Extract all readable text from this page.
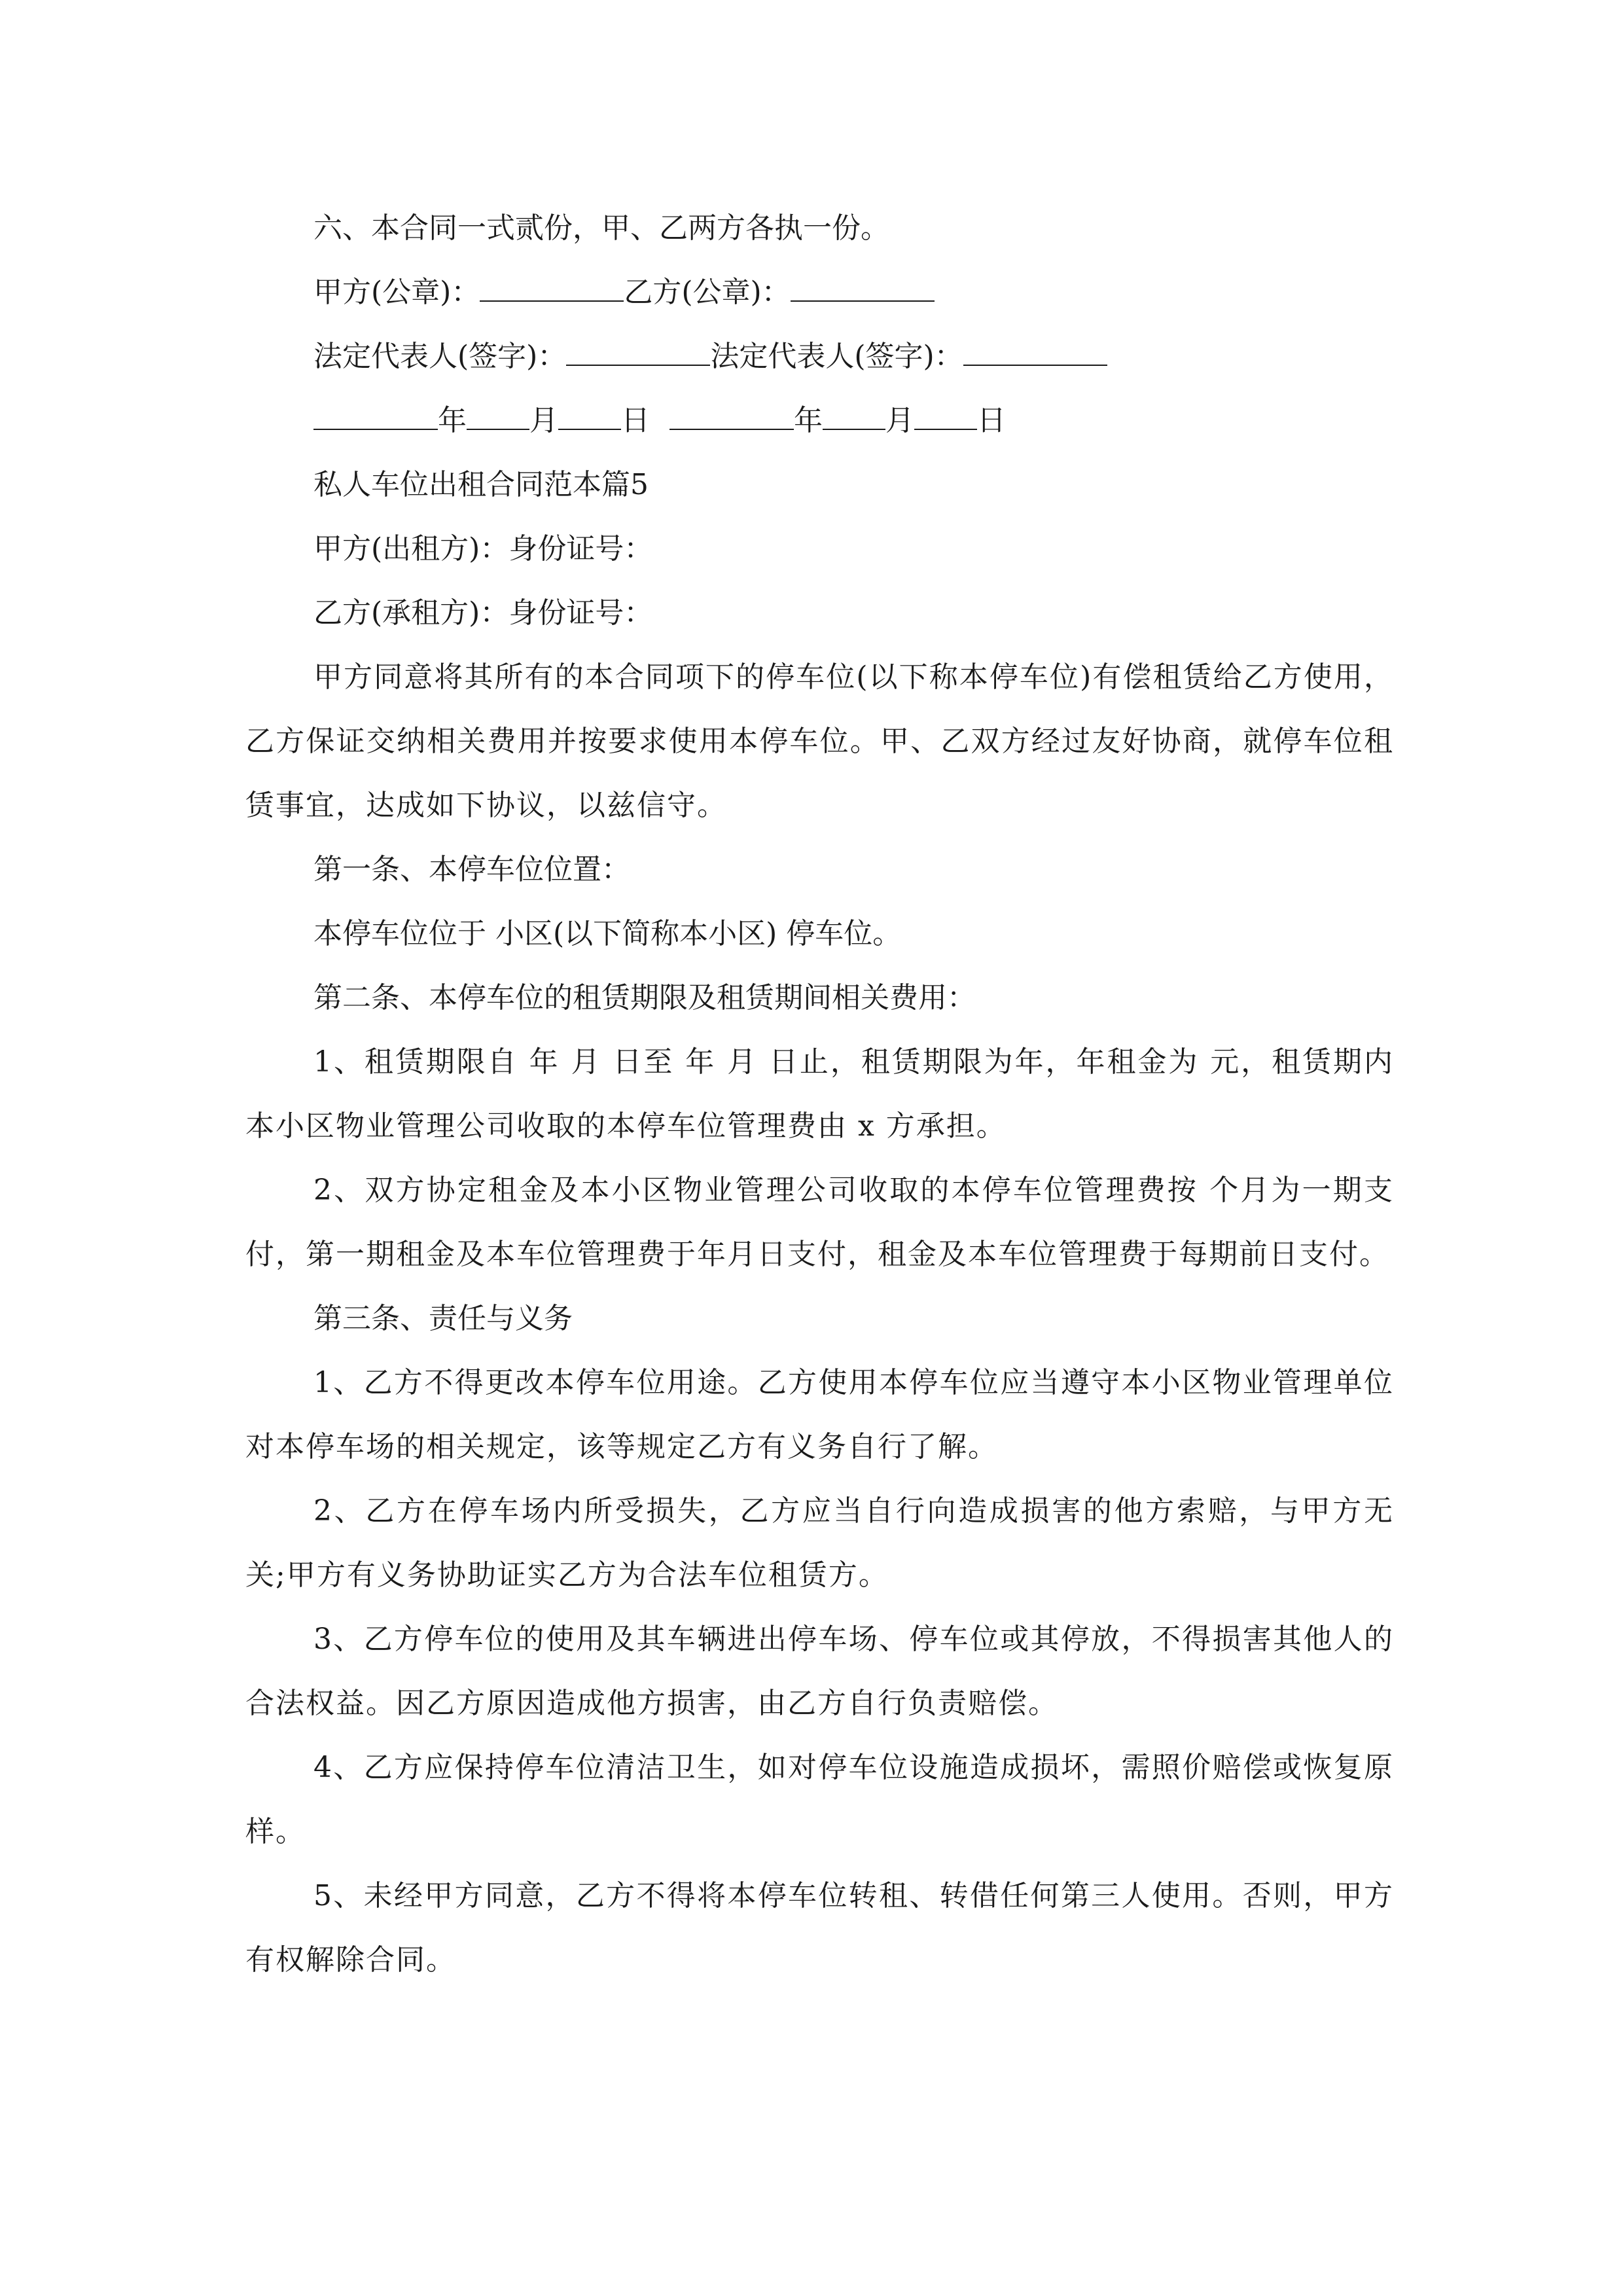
六、本合同一式贰份，甲、乙两方各执一份。
甲方(公章)：	乙方(公章)：
法定代表人(签字)：	法定代表人(签字)：
年 月 日	年 月 日
私人车位出租合同范本篇5
甲方(出租方)：身份证号：
乙方(承租方)：身份证号：
甲方同意将其所有的本合同项下的停车位(以下称本停车位)有偿租赁给乙方使用，乙方保证交纳相关费用并按要求使用本停车位。甲、乙双方经过友好协商，就停车位租赁事宜，达成如下协议，以兹信守。
第一条、本停车位位置：
本停车位位于 小区(以下简称本小区) 停车位。
第二条、本停车位的租赁期限及租赁期间相关费用：
1、租赁期限自 年 月 日至 年 月 日止，租赁期限为年，年租金为 元，租赁期内本小区物业管理公司收取的本停车位管理费由 x 方承担。
2、双方协定租金及本小区物业管理公司收取的本停车位管理费按 个月为一期支付，第一期租金及本车位管理费于年月日支付，租金及本车位管理费于每期前日支付。
第三条、责任与义务
1、乙方不得更改本停车位用途。乙方使用本停车位应当遵守本小区物业管理单位对本停车场的相关规定，该等规定乙方有义务自行了解。
2、乙方在停车场内所受损失，乙方应当自行向造成损害的他方索赔，与甲方无关;甲方有义务协助证实乙方为合法车位租赁方。
3、乙方停车位的使用及其车辆进出停车场、停车位或其停放，不得损害其他人的合法权益。因乙方原因造成他方损害，由乙方自行负责赔偿。
4、乙方应保持停车位清洁卫生，如对停车位设施造成损坏，需照价赔偿或恢复原样。
5、未经甲方同意，乙方不得将本停车位转租、转借任何第三人使用。否则，甲方有权解除合同。
